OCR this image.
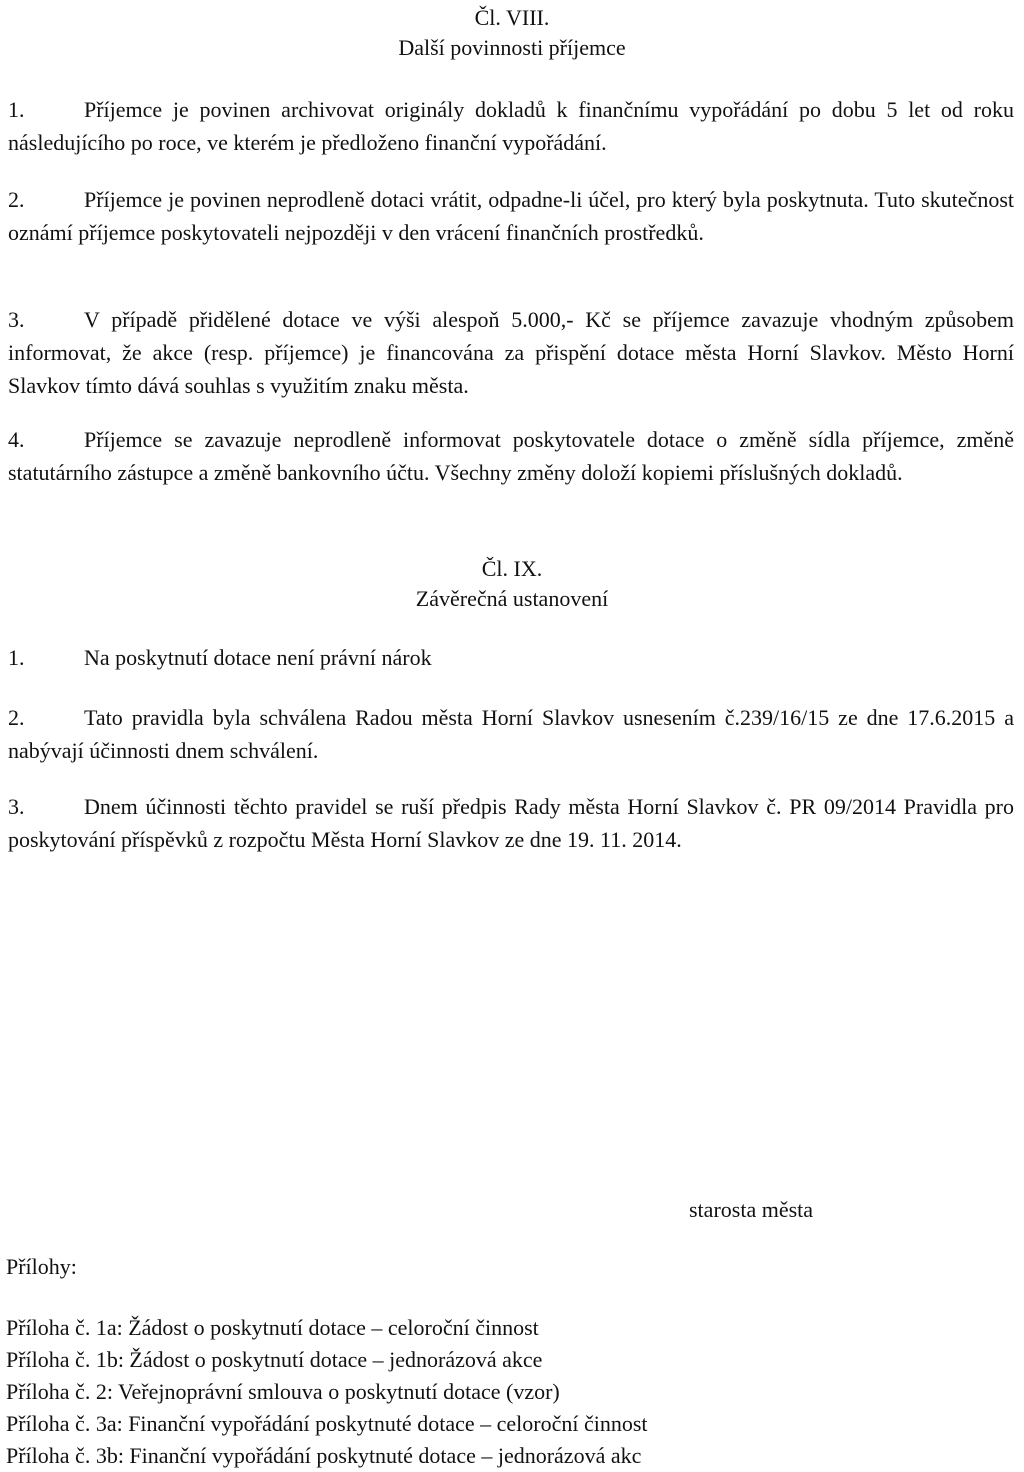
Čl. VIII.
Další povinnosti příjemce
1.	Příjemce je povinen archivovat originály dokladů k finančnímu vypořádání po dobu 5 let od roku následujícího po roce, ve kterém je předloženo finanční vypořádání.
2.	Příjemce je povinen neprodleně dotaci vrátit, odpadne-li účel, pro který byla poskytnuta. Tuto skutečnost oznámí příjemce poskytovateli nejpozději v den vrácení finančních prostředků.
3.	V případě přidělené dotace ve výši alespoň 5.000,- Kč se příjemce zavazuje vhodným způsobem informovat, že akce (resp. příjemce) je financována za přispění dotace města Horní Slavkov. Město Horní Slavkov tímto dává souhlas s využitím znaku města.
4.	Příjemce se zavazuje neprodleně informovat poskytovatele dotace o změně sídla příjemce, změně statutárního zástupce a změně bankovního účtu. Všechny změny doloží kopiemi příslušných dokladů.
Čl. IX.
Závěrečná ustanovení
1.	Na poskytnutí dotace není právní nárok
2.	Tato pravidla byla schválena Radou města Horní Slavkov usnesením č.239/16/15 ze dne 17.6.2015 a nabývají účinnosti dnem schválení.
3.	Dnem účinnosti těchto pravidel se ruší předpis Rady města Horní Slavkov č. PR 09/2014 Pravidla pro poskytování příspěvků z rozpočtu Města Horní Slavkov ze dne 19. 11. 2014.
starosta města
Přílohy:
Příloha č. 1a: Žádost o poskytnutí dotace – celoroční činnost
Příloha č. 1b: Žádost o poskytnutí dotace – jednorázová akce
Příloha č. 2: Veřejnoprávní smlouva o poskytnutí dotace (vzor)
Příloha č. 3a: Finanční vypořádání poskytnuté dotace – celoroční činnost
Příloha č. 3b: Finanční vypořádání poskytnuté dotace – jednorázová akc
